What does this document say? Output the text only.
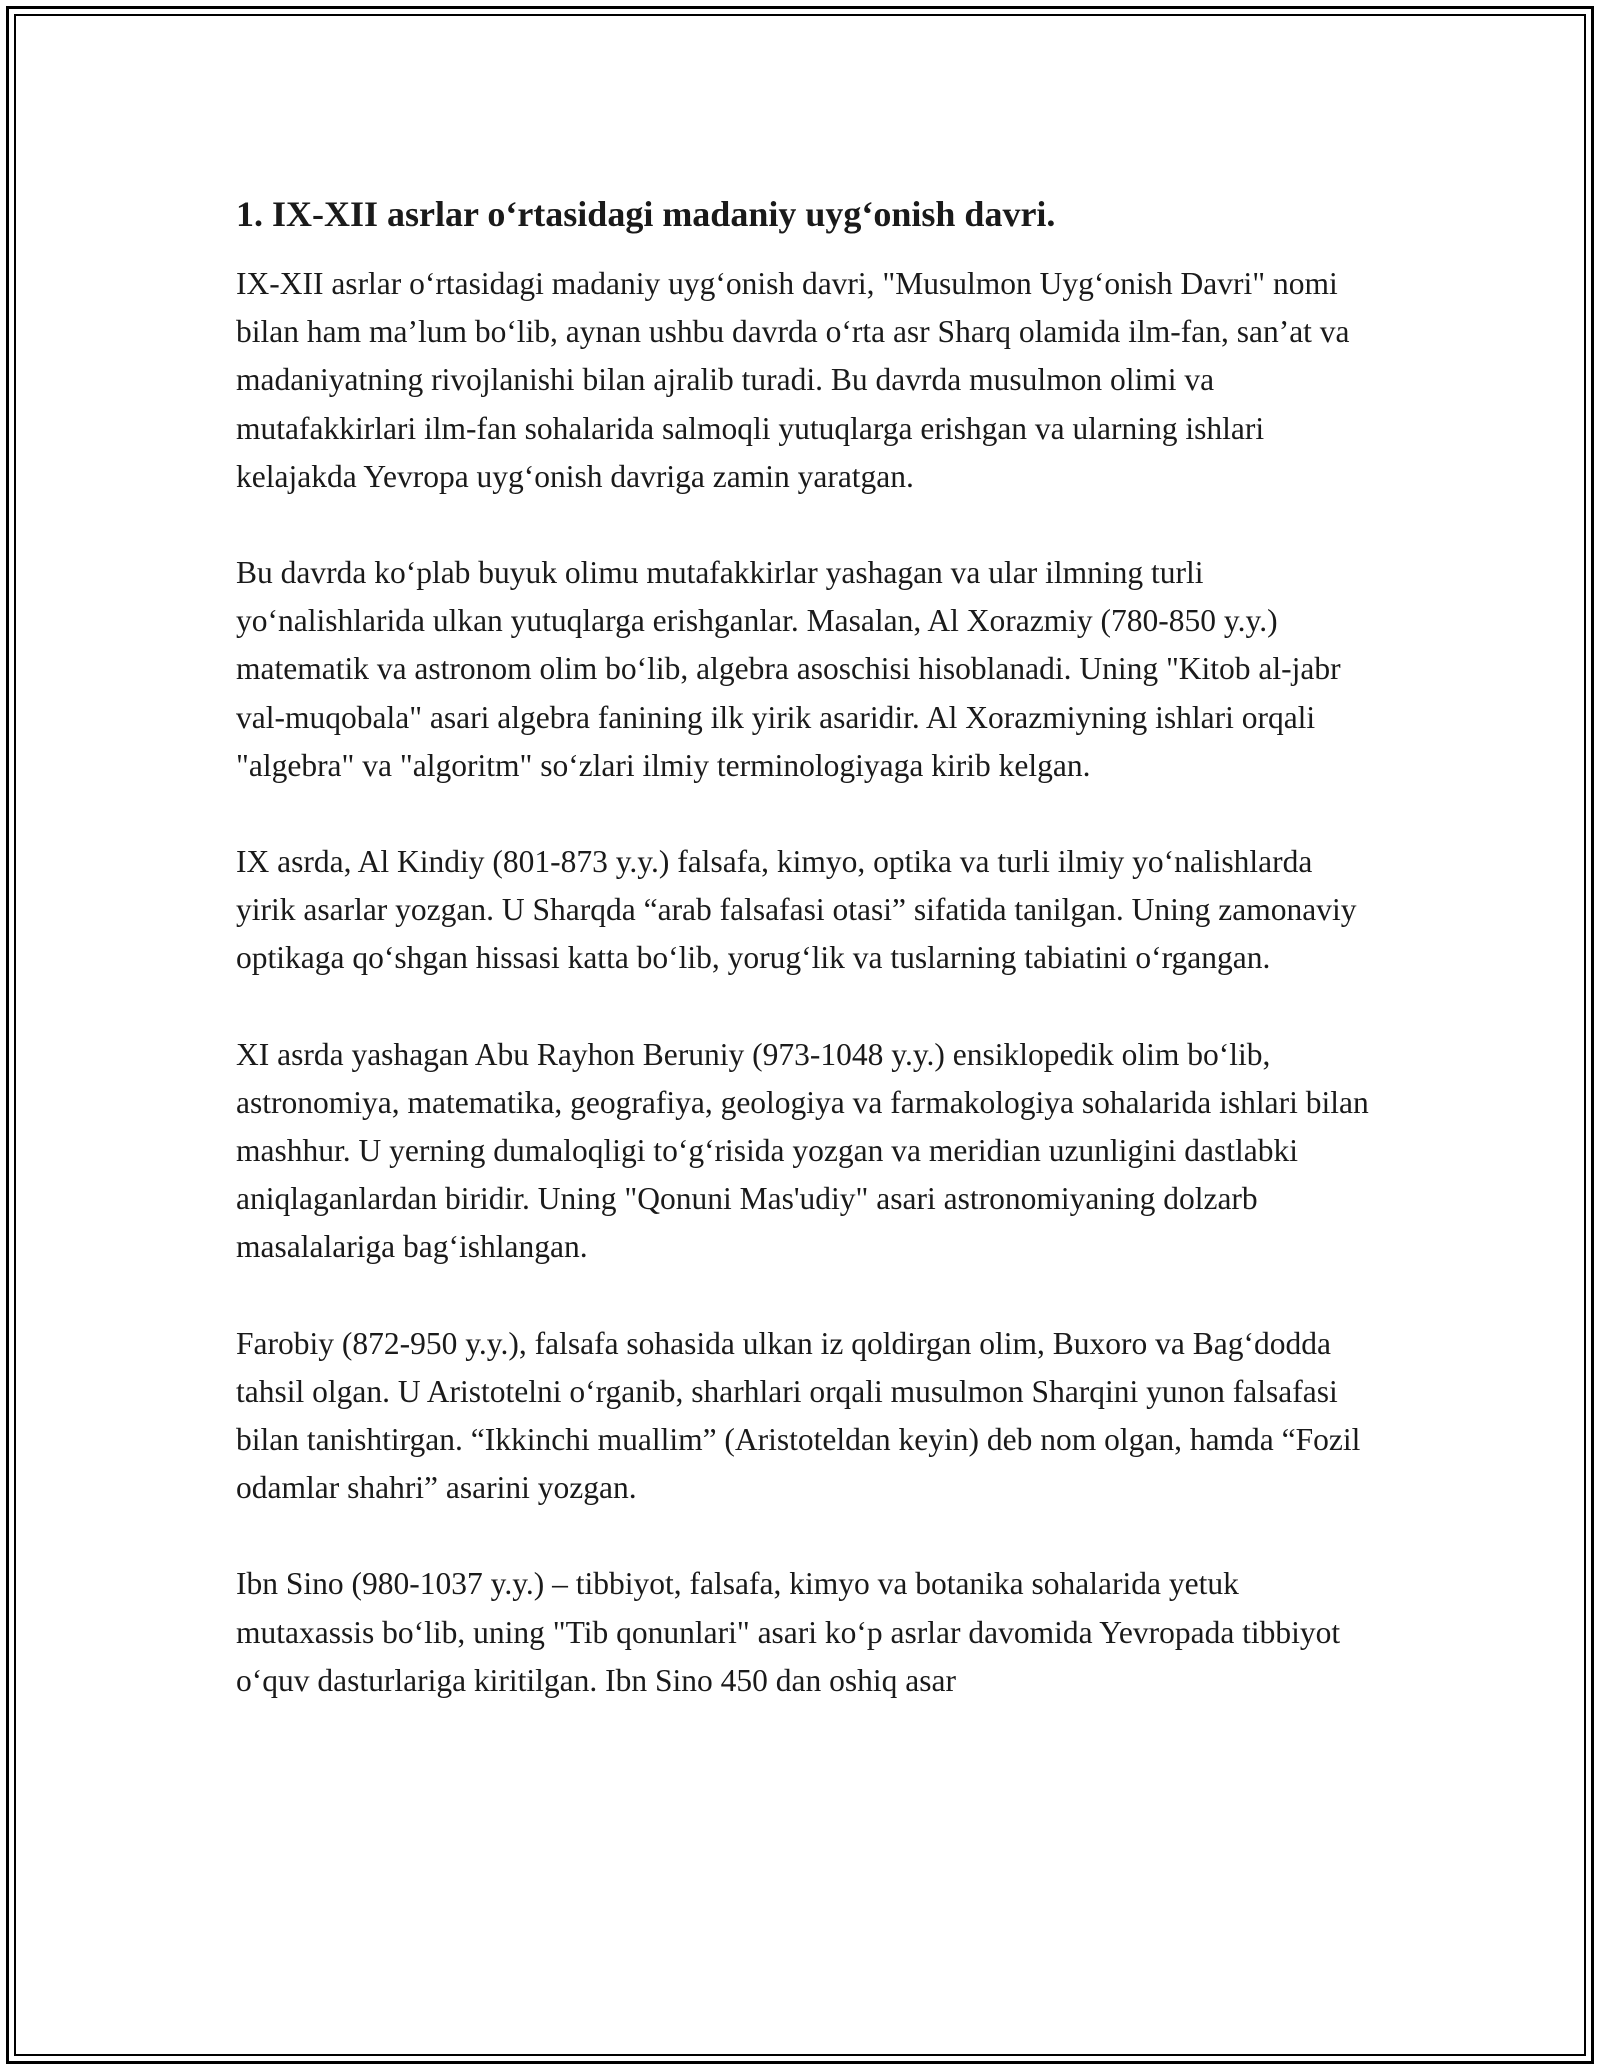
1. IX-XII asrlar o‘rtasidagi madaniy uyg‘onish davri.

IX-XII asrlar o‘rtasidagi madaniy uyg‘onish davri, "Musulmon Uyg‘onish Davri" nomi bilan ham ma’lum bo‘lib, aynan ushbu davrda o‘rta asr Sharq olamida ilm-fan, san’at va madaniyatning rivojlanishi bilan ajralib turadi. Bu davrda musulmon olimi va mutafakkirlari ilm-fan sohalarida salmoqli yutuqlarga erishgan va ularning ishlari kelajakda Yevropa uyg‘onish davriga zamin yaratgan.

Bu davrda ko‘plab buyuk olimu mutafakkirlar yashagan va ular ilmning turli yo‘nalishlarida ulkan yutuqlarga erishganlar. Masalan, Al Xorazmiy (780-850 y.y.) matematik va astronom olim bo‘lib, algebra asoschisi hisoblanadi. Uning "Kitob al-jabr val-muqobala" asari algebra fanining ilk yirik asaridir. Al Xorazmiyning ishlari orqali "algebra" va "algoritm" so‘zlari ilmiy terminologiyaga kirib kelgan.

IX asrda, Al Kindiy (801-873 y.y.) falsafa, kimyo, optika va turli ilmiy yo‘nalishlarda yirik asarlar yozgan. U Sharqda “arab falsafasi otasi” sifatida tanilgan. Uning zamonaviy optikaga qo‘shgan hissasi katta bo‘lib, yorug‘lik va tuslarning tabiatini o‘rgangan.

XI asrda yashagan Abu Rayhon Beruniy (973-1048 y.y.) ensiklopedik olim bo‘lib, astronomiya, matematika, geografiya, geologiya va farmakologiya sohalarida ishlari bilan mashhur. U yerning dumaloqligi to‘g‘risida yozgan va meridian uzunligini dastlabki aniqlaganlardan biridir. Uning "Qonuni Mas'udiy" asari astronomiyaning dolzarb masalalariga bag‘ishlangan.

Farobiy (872-950 y.y.), falsafa sohasida ulkan iz qoldirgan olim, Buxoro va Bag‘dodda tahsil olgan. U Aristotelni o‘rganib, sharhlari orqali musulmon Sharqini yunon falsafasi bilan tanishtirgan. “Ikkinchi muallim” (Aristoteldan keyin) deb nom olgan, hamda “Fozil odamlar shahri” asarini yozgan.

Ibn Sino (980-1037 y.y.) – tibbiyot, falsafa, kimyo va botanika sohalarida yetuk mutaxassis bo‘lib, uning "Tib qonunlari" asari ko‘p asrlar davomida Yevropada tibbiyot o‘quv dasturlariga kiritilgan. Ibn Sino 450 dan oshiq asar
